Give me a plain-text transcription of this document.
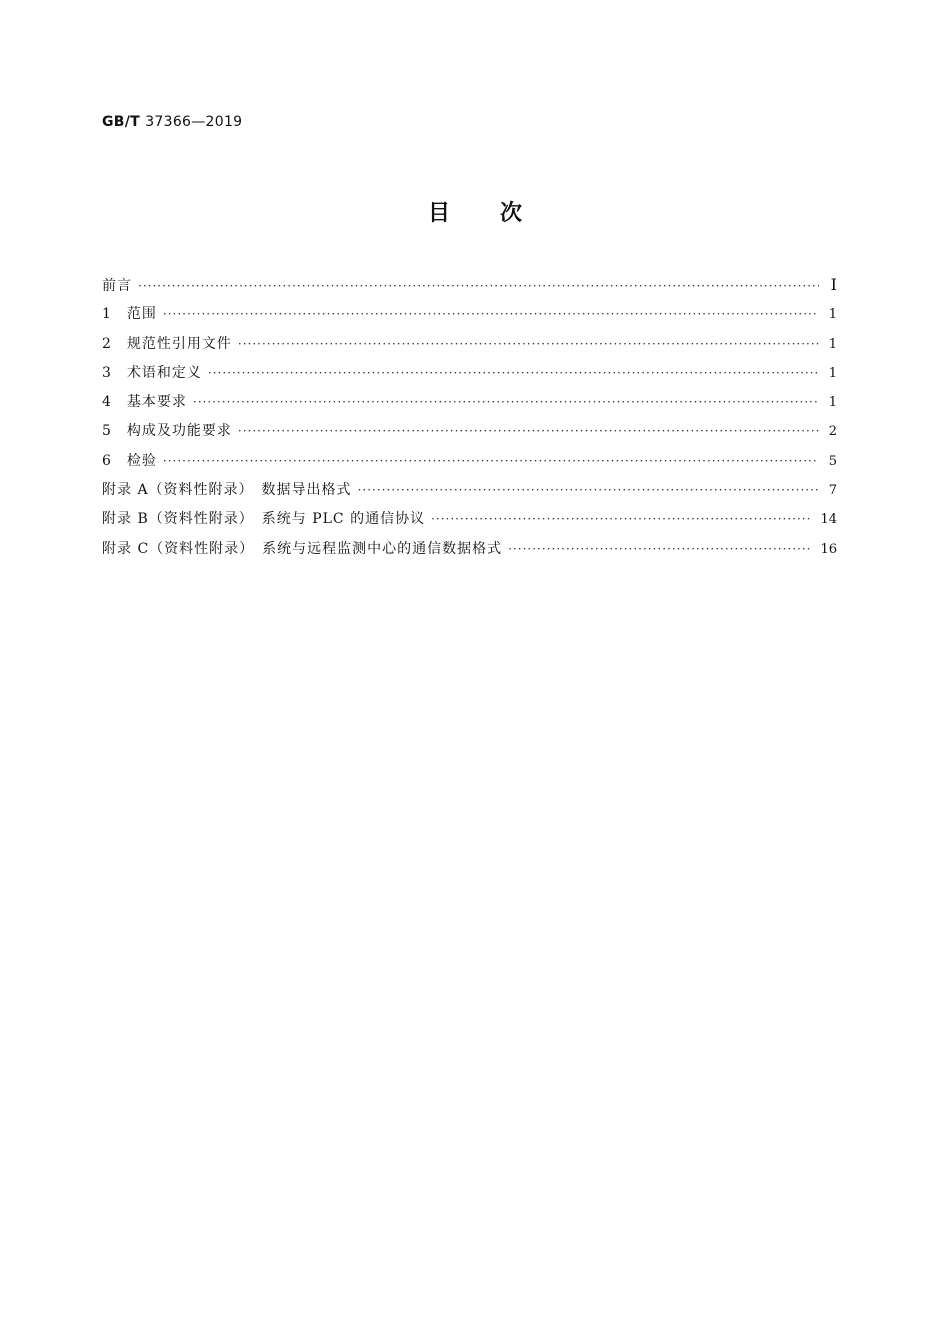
GB/T 37366—2019
目 次
前言 ·····	Ⅰ
1　范围 ·····	1
2　规范性引用文件 ·····	1
3　术语和定义 ·····	1
4　基本要求 ·····	1
5　构成及功能要求 ·····	2
6　检验 ·····	5
附录 A（资料性附录）　数据导出格式 ·····	7
附录 B（资料性附录）　系统与 PLC 的通信协议 ·····	14
附录 C（资料性附录）　系统与远程监测中心的通信数据格式 ·····	16
